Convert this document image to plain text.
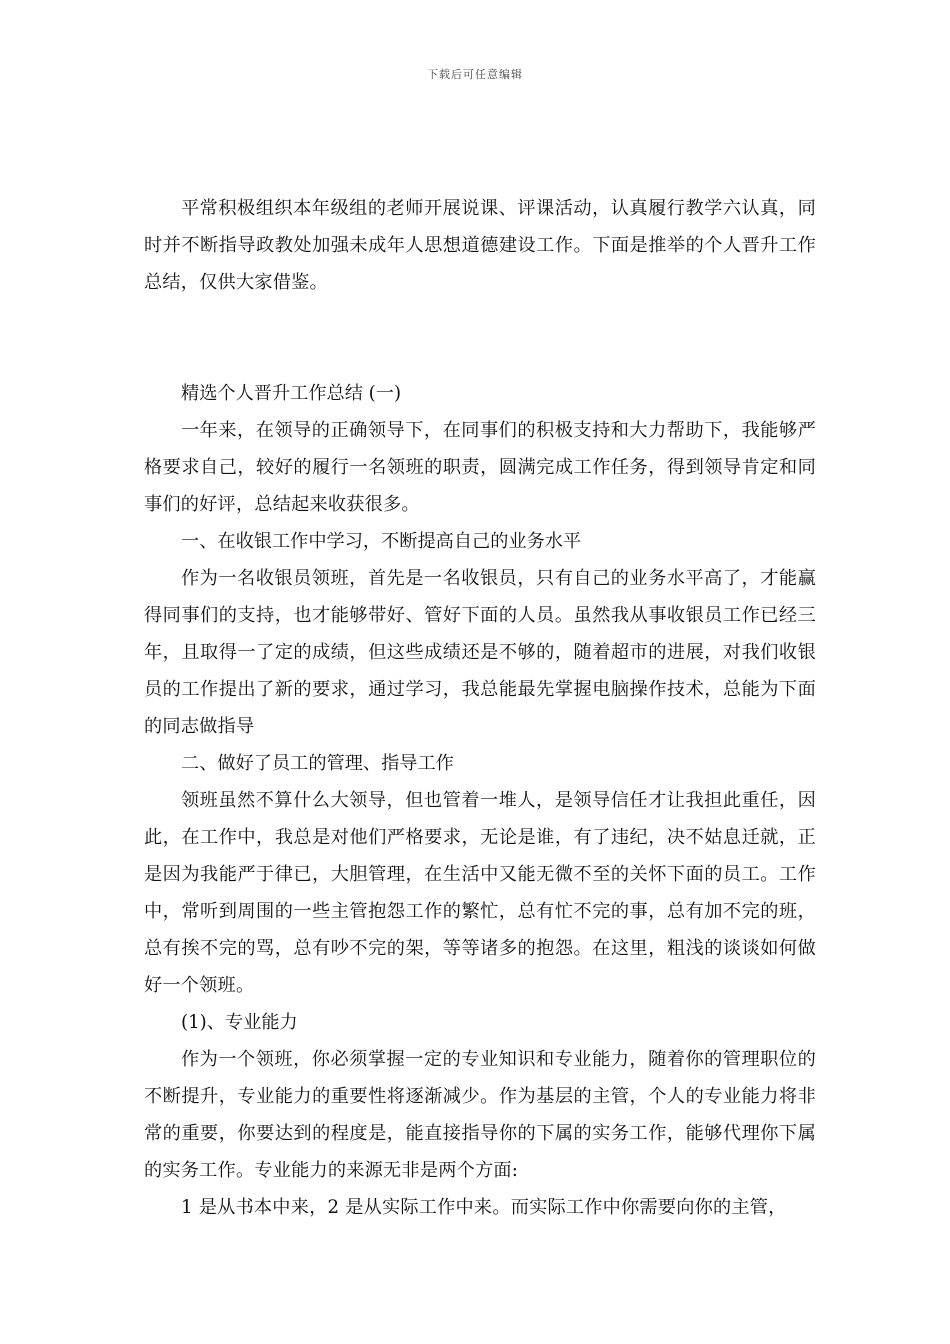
下载后可任意编辑

平常积极组织本年级组的老师开展说课、评课活动，认真履行教学六认真，同时并不断指导政教处加强未成年人思想道德建设工作。下面是推举的个人晋升工作总结，仅供大家借鉴。

精选个人晋升工作总结 (一)

一年来，在领导的正确领导下，在同事们的积极支持和大力帮助下，我能够严格要求自己，较好的履行一名领班的职责，圆满完成工作任务，得到领导肯定和同事们的好评，总结起来收获很多。

一、在收银工作中学习，不断提高自己的业务水平

作为一名收银员领班，首先是一名收银员，只有自己的业务水平高了，才能赢得同事们的支持，也才能够带好、管好下面的人员。虽然我从事收银员工作已经三年，且取得一了定的成绩，但这些成绩还是不够的，随着超市的进展，对我们收银员的工作提出了新的要求，通过学习，我总能最先掌握电脑操作技术，总能为下面的同志做指导

二、做好了员工的管理、指导工作

领班虽然不算什么大领导，但也管着一堆人，是领导信任才让我担此重任，因此，在工作中，我总是对他们严格要求，无论是谁，有了违纪，决不姑息迁就，正是因为我能严于律已，大胆管理，在生活中又能无微不至的关怀下面的员工。工作中，常听到周围的一些主管抱怨工作的繁忙，总有忙不完的事，总有加不完的班，总有挨不完的骂，总有吵不完的架，等等诸多的抱怨。在这里，粗浅的谈谈如何做好一个领班。

(1)、专业能力

作为一个领班，你必须掌握一定的专业知识和专业能力，随着你的管理职位的不断提升，专业能力的重要性将逐渐减少。作为基层的主管，个人的专业能力将非常的重要，你要达到的程度是，能直接指导你的下属的实务工作，能够代理你下属的实务工作。专业能力的来源无非是两个方面:

1 是从书本中来，2 是从实际工作中来。而实际工作中你需要向你的主管，
